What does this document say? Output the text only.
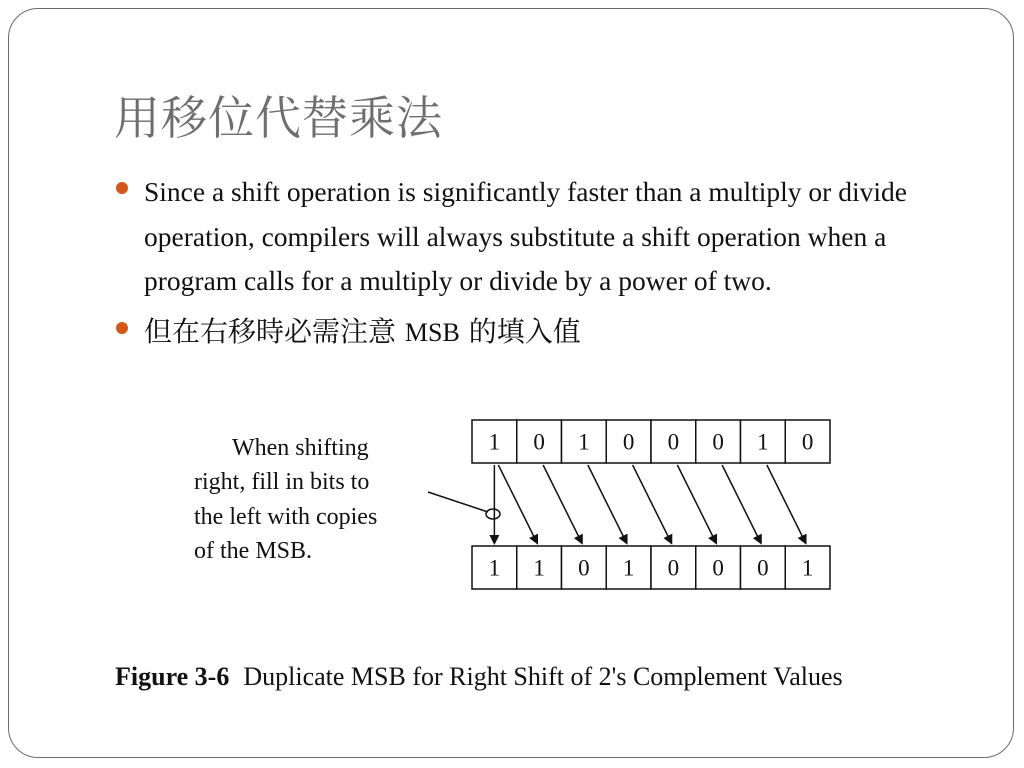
用移位代替乘法
Since a shift operation is significantly faster than a multiply or divide operation, compilers will always substitute a shift operation when a program calls for a multiply or divide by a power of two.
但在右移時必需注意 MSB 的填入值
When shifting
right, fill in bits to
the left with copies
of the MSB.
1 0 1 0 0 0 1 0
1 1 0 1 0 0 0 1
Figure 3-6 Duplicate MSB for Right Shift of 2's Complement Values
